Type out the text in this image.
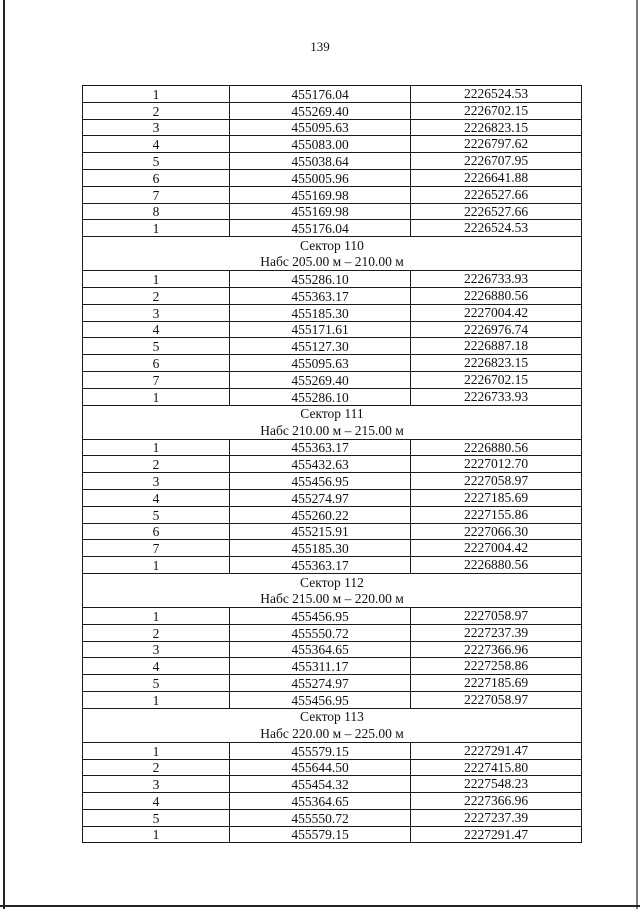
139
1	455176.04	2226524.53
2	455269.40	2226702.15
3	455095.63	2226823.15
4	455083.00	2226797.62
5	455038.64	2226707.95
6	455005.96	2226641.88
7	455169.98	2226527.66
8	455169.98	2226527.66
1	455176.04	2226524.53
Сектор 110		
Набс 205.00 м – 210.00 м		
1	455286.10	2226733.93
2	455363.17	2226880.56
3	455185.30	2227004.42
4	455171.61	2226976.74
5	455127.30	2226887.18
6	455095.63	2226823.15
7	455269.40	2226702.15
1	455286.10	2226733.93
Сектор 111		
Набс 210.00 м – 215.00 м		
1	455363.17	2226880.56
2	455432.63	2227012.70
3	455456.95	2227058.97
4	455274.97	2227185.69
5	455260.22	2227155.86
6	455215.91	2227066.30
7	455185.30	2227004.42
1	455363.17	2226880.56
Сектор 112		
Набс 215.00 м – 220.00 м		
1	455456.95	2227058.97
2	455550.72	2227237.39
3	455364.65	2227366.96
4	455311.17	2227258.86
5	455274.97	2227185.69
1	455456.95	2227058.97
Сектор 113		
Набс 220.00 м – 225.00 м		
1	455579.15	2227291.47
2	455644.50	2227415.80
3	455454.32	2227548.23
4	455364.65	2227366.96
5	455550.72	2227237.39
1	455579.15	2227291.47
